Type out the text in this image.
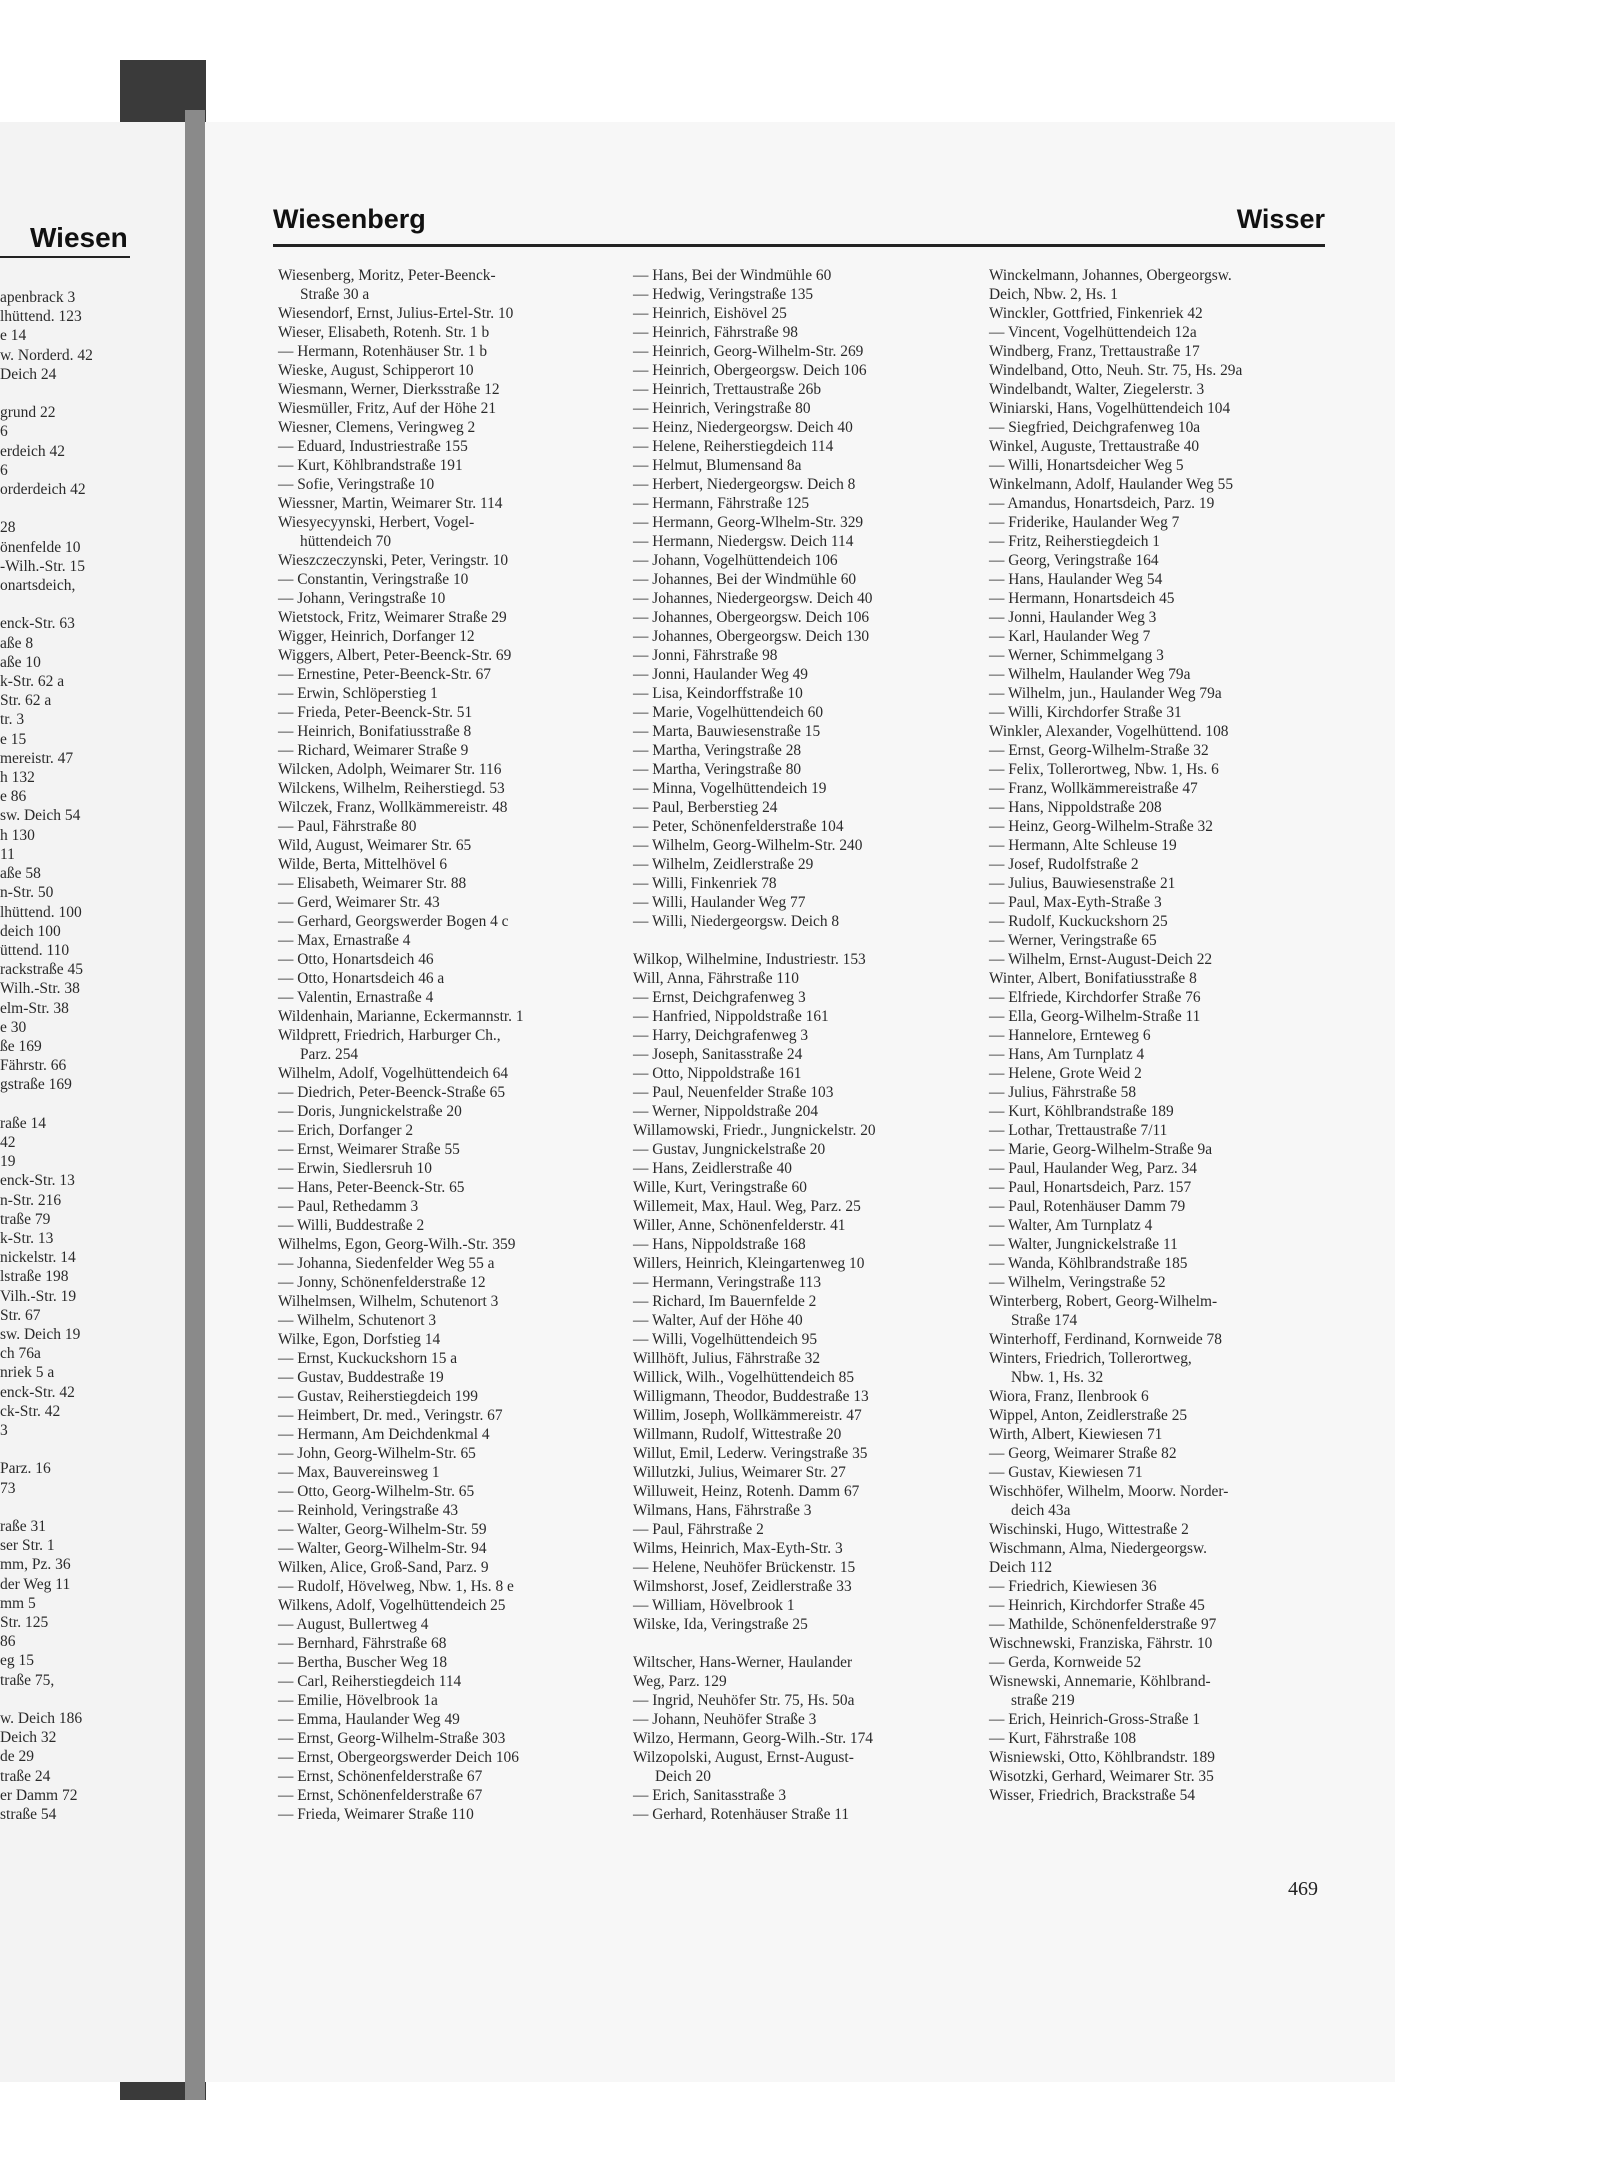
Wiesen
apenbrack 3
lhüttend. 123
e 14
w. Norderd. 42
Deich 24

grund 22
6
erdeich 42
6
orderdeich 42

28
önenfelde 10
-Wilh.-Str. 15
onartsdeich,

enck-Str. 63
aße 8
aße 10
k-Str. 62 a
Str. 62 a
tr. 3
e 15
mereistr. 47
h 132
e 86
sw. Deich 54
h 130
11
aße 58
n-Str. 50
lhüttend. 100
deich 100
üttend. 110
rackstraße 45
Wilh.-Str. 38
elm-Str. 38
e 30
ße 169
Fährstr. 66
gstraße 169

raße 14
42
19
enck-Str. 13
n-Str. 216
traße 79
k-Str. 13
nickelstr. 14
lstraße 198
Vilh.-Str. 19
Str. 67
sw. Deich 19
ch 76a
nriek 5 a
enck-Str. 42
ck-Str. 42
3

Parz. 16
73

raße 31
ser Str. 1
mm, Pz. 36
der Weg 11
mm 5
Str. 125
86
eg 15
traße 75,

w. Deich 186
Deich 32
de 29
traße 24
er Damm 72
straße 54
Wiesenberg	Wisser
Wiesenberg, Moritz, Peter-Beenck-
Straße 30 a
Wiesendorf, Ernst, Julius-Ertel-Str. 10
Wieser, Elisabeth, Rotenh. Str. 1 b
— Hermann, Rotenhäuser Str. 1 b
Wieske, August, Schipperort 10
Wiesmann, Werner, Dierksstraße 12
Wiesmüller, Fritz, Auf der Höhe 21
Wiesner, Clemens, Veringweg 2
— Eduard, Industriestraße 155
— Kurt, Köhlbrandstraße 191
— Sofie, Veringstraße 10
Wiessner, Martin, Weimarer Str. 114
Wiesyecyynski, Herbert, Vogel-
hüttendeich 70
Wieszczeczynski, Peter, Veringstr. 10
— Constantin, Veringstraße 10
— Johann, Veringstraße 10
Wietstock, Fritz, Weimarer Straße 29
Wigger, Heinrich, Dorfanger 12
Wiggers, Albert, Peter-Beenck-Str. 69
— Ernestine, Peter-Beenck-Str. 67
— Erwin, Schlöperstieg 1
— Frieda, Peter-Beenck-Str. 51
— Heinrich, Bonifatiusstraße 8
— Richard, Weimarer Straße 9
Wilcken, Adolph, Weimarer Str. 116
Wilckens, Wilhelm, Reiherstiegd. 53
Wilczek, Franz, Wollkämmereistr. 48
— Paul, Fährstraße 80
Wild, August, Weimarer Str. 65
Wilde, Berta, Mittelhövel 6
— Elisabeth, Weimarer Str. 88
— Gerd, Weimarer Str. 43
— Gerhard, Georgswerder Bogen 4 c
— Max, Ernastraße 4
— Otto, Honartsdeich 46
— Otto, Honartsdeich 46 a
— Valentin, Ernastraße 4
Wildenhain, Marianne, Eckermannstr. 1
Wildprett, Friedrich, Harburger Ch.,
Parz. 254
Wilhelm, Adolf, Vogelhüttendeich 64
— Diedrich, Peter-Beenck-Straße 65
— Doris, Jungnickelstraße 20
— Erich, Dorfanger 2
— Ernst, Weimarer Straße 55
— Erwin, Siedlersruh 10
— Hans, Peter-Beenck-Str. 65
— Paul, Rethedamm 3
— Willi, Buddestraße 2
Wilhelms, Egon, Georg-Wilh.-Str. 359
— Johanna, Siedenfelder Weg 55 a
— Jonny, Schönenfelderstraße 12
Wilhelmsen, Wilhelm, Schutenort 3
— Wilhelm, Schutenort 3
Wilke, Egon, Dorfstieg 14
— Ernst, Kuckuckshorn 15 a
— Gustav, Buddestraße 19
— Gustav, Reiherstiegdeich 199
— Heimbert, Dr. med., Veringstr. 67
— Hermann, Am Deichdenkmal 4
— John, Georg-Wilhelm-Str. 65
— Max, Bauvereinsweg 1
— Otto, Georg-Wilhelm-Str. 65
— Reinhold, Veringstraße 43
— Walter, Georg-Wilhelm-Str. 59
— Walter, Georg-Wilhelm-Str. 94
Wilken, Alice, Groß-Sand, Parz. 9
— Rudolf, Hövelweg, Nbw. 1, Hs. 8 e
Wilkens, Adolf, Vogelhüttendeich 25
— August, Bullertweg 4
— Bernhard, Fährstraße 68
— Bertha, Buscher Weg 18
— Carl, Reiherstiegdeich 114
— Emilie, Hövelbrook 1a
— Emma, Haulander Weg 49
— Ernst, Georg-Wilhelm-Straße 303
— Ernst, Obergeorgswerder Deich 106
— Ernst, Schönenfelderstraße 67
— Ernst, Schönenfelderstraße 67
— Frieda, Weimarer Straße 110
— Hans, Bei der Windmühle 60
— Hedwig, Veringstraße 135
— Heinrich, Eishövel 25
— Heinrich, Fährstraße 98
— Heinrich, Georg-Wilhelm-Str. 269
— Heinrich, Obergeorgsw. Deich 106
— Heinrich, Trettaustraße 26b
— Heinrich, Veringstraße 80
— Heinz, Niedergeorgsw. Deich 40
— Helene, Reiherstiegdeich 114
— Helmut, Blumensand 8a
— Herbert, Niedergeorgsw. Deich 8
— Hermann, Fährstraße 125
— Hermann, Georg-Wlhelm-Str. 329
— Hermann, Niedergsw. Deich 114
— Johann, Vogelhüttendeich 106
— Johannes, Bei der Windmühle 60
— Johannes, Niedergeorgsw. Deich 40
— Johannes, Obergeorgsw. Deich 106
— Johannes, Obergeorgsw. Deich 130
— Jonni, Fährstraße 98
— Jonni, Haulander Weg 49
— Lisa, Keindorffstraße 10
— Marie, Vogelhüttendeich 60
— Marta, Bauwiesenstraße 15
— Martha, Veringstraße 28
— Martha, Veringstraße 80
— Minna, Vogelhüttendeich 19
— Paul, Berberstieg 24
— Peter, Schönenfelderstraße 104
— Wilhelm, Georg-Wilhelm-Str. 240
— Wilhelm, Zeidlerstraße 29
— Willi, Finkenriek 78
— Willi, Haulander Weg 77
— Willi, Niedergeorgsw. Deich 8

Wilkop, Wilhelmine, Industriestr. 153
Will, Anna, Fährstraße 110
— Ernst, Deichgrafenweg 3
— Hanfried, Nippoldstraße 161
— Harry, Deichgrafenweg 3
— Joseph, Sanitasstraße 24
— Otto, Nippoldstraße 161
— Paul, Neuenfelder Straße 103
— Werner, Nippoldstraße 204
Willamowski, Friedr., Jungnickelstr. 20
— Gustav, Jungnickelstraße 20
— Hans, Zeidlerstraße 40
Wille, Kurt, Veringstraße 60
Willemeit, Max, Haul. Weg, Parz. 25
Willer, Anne, Schönenfelderstr. 41
— Hans, Nippoldstraße 168
Willers, Heinrich, Kleingartenweg 10
— Hermann, Veringstraße 113
— Richard, Im Bauernfelde 2
— Walter, Auf der Höhe 40
— Willi, Vogelhüttendeich 95
Willhöft, Julius, Fährstraße 32
Willick, Wilh., Vogelhüttendeich 85
Willigmann, Theodor, Buddestraße 13
Willim, Joseph, Wollkämmereistr. 47
Willmann, Rudolf, Wittestraße 20
Willut, Emil, Lederw. Veringstraße 35
Willutzki, Julius, Weimarer Str. 27
Willuweit, Heinz, Rotenh. Damm 67
Wilmans, Hans, Fährstraße 3
— Paul, Fährstraße 2
Wilms, Heinrich, Max-Eyth-Str. 3
— Helene, Neuhöfer Brückenstr. 15
Wilmshorst, Josef, Zeidlerstraße 33
— William, Hövelbrook 1
Wilske, Ida, Veringstraße 25

Wiltscher, Hans-Werner, Haulander
Weg, Parz. 129
— Ingrid, Neuhöfer Str. 75, Hs. 50a
— Johann, Neuhöfer Straße 3
Wilzo, Hermann, Georg-Wilh.-Str. 174
Wilzopolski, August, Ernst-August-
Deich 20
— Erich, Sanitasstraße 3
— Gerhard, Rotenhäuser Straße 11
Winckelmann, Johannes, Obergeorgsw.
Deich, Nbw. 2, Hs. 1
Winckler, Gottfried, Finkenriek 42
— Vincent, Vogelhüttendeich 12a
Windberg, Franz, Trettaustraße 17
Windelband, Otto, Neuh. Str. 75, Hs. 29a
Windelbandt, Walter, Ziegelerstr. 3
Winiarski, Hans, Vogelhüttendeich 104
— Siegfried, Deichgrafenweg 10a
Winkel, Auguste, Trettaustraße 40
— Willi, Honartsdeicher Weg 5
Winkelmann, Adolf, Haulander Weg 55
— Amandus, Honartsdeich, Parz. 19
— Friderike, Haulander Weg 7
— Fritz, Reiherstiegdeich 1
— Georg, Veringstraße 164
— Hans, Haulander Weg 54
— Hermann, Honartsdeich 45
— Jonni, Haulander Weg 3
— Karl, Haulander Weg 7
— Werner, Schimmelgang 3
— Wilhelm, Haulander Weg 79a
— Wilhelm, jun., Haulander Weg 79a
— Willi, Kirchdorfer Straße 31
Winkler, Alexander, Vogelhüttend. 108
— Ernst, Georg-Wilhelm-Straße 32
— Felix, Tollerortweg, Nbw. 1, Hs. 6
— Franz, Wollkämmereistraße 47
— Hans, Nippoldstraße 208
— Heinz, Georg-Wilhelm-Straße 32
— Hermann, Alte Schleuse 19
— Josef, Rudolfstraße 2
— Julius, Bauwiesenstraße 21
— Paul, Max-Eyth-Straße 3
— Rudolf, Kuckuckshorn 25
— Werner, Veringstraße 65
— Wilhelm, Ernst-August-Deich 22
Winter, Albert, Bonifatiusstraße 8
— Elfriede, Kirchdorfer Straße 76
— Ella, Georg-Wilhelm-Straße 11
— Hannelore, Ernteweg 6
— Hans, Am Turnplatz 4
— Helene, Grote Weid 2
— Julius, Fährstraße 58
— Kurt, Köhlbrandstraße 189
— Lothar, Trettaustraße 7/11
— Marie, Georg-Wilhelm-Straße 9a
— Paul, Haulander Weg, Parz. 34
— Paul, Honartsdeich, Parz. 157
— Paul, Rotenhäuser Damm 79
— Walter, Am Turnplatz 4
— Walter, Jungnickelstraße 11
— Wanda, Köhlbrandstraße 185
— Wilhelm, Veringstraße 52
Winterberg, Robert, Georg-Wilhelm-
Straße 174
Winterhoff, Ferdinand, Kornweide 78
Winters, Friedrich, Tollerortweg,
Nbw. 1, Hs. 32
Wiora, Franz, Ilenbrook 6
Wippel, Anton, Zeidlerstraße 25
Wirth, Albert, Kiewiesen 71
— Georg, Weimarer Straße 82
— Gustav, Kiewiesen 71
Wischhöfer, Wilhelm, Moorw. Norder-
deich 43a
Wischinski, Hugo, Wittestraße 2
Wischmann, Alma, Niedergeorgsw.
Deich 112
— Friedrich, Kiewiesen 36
— Heinrich, Kirchdorfer Straße 45
— Mathilde, Schönenfelderstraße 97
Wischnewski, Franziska, Fährstr. 10
— Gerda, Kornweide 52
Wisnewski, Annemarie, Köhlbrand-
straße 219
— Erich, Heinrich-Gross-Straße 1
— Kurt, Fährstraße 108
Wisniewski, Otto, Köhlbrandstr. 189
Wisotzki, Gerhard, Weimarer Str. 35
Wisser, Friedrich, Brackstraße 54
469
